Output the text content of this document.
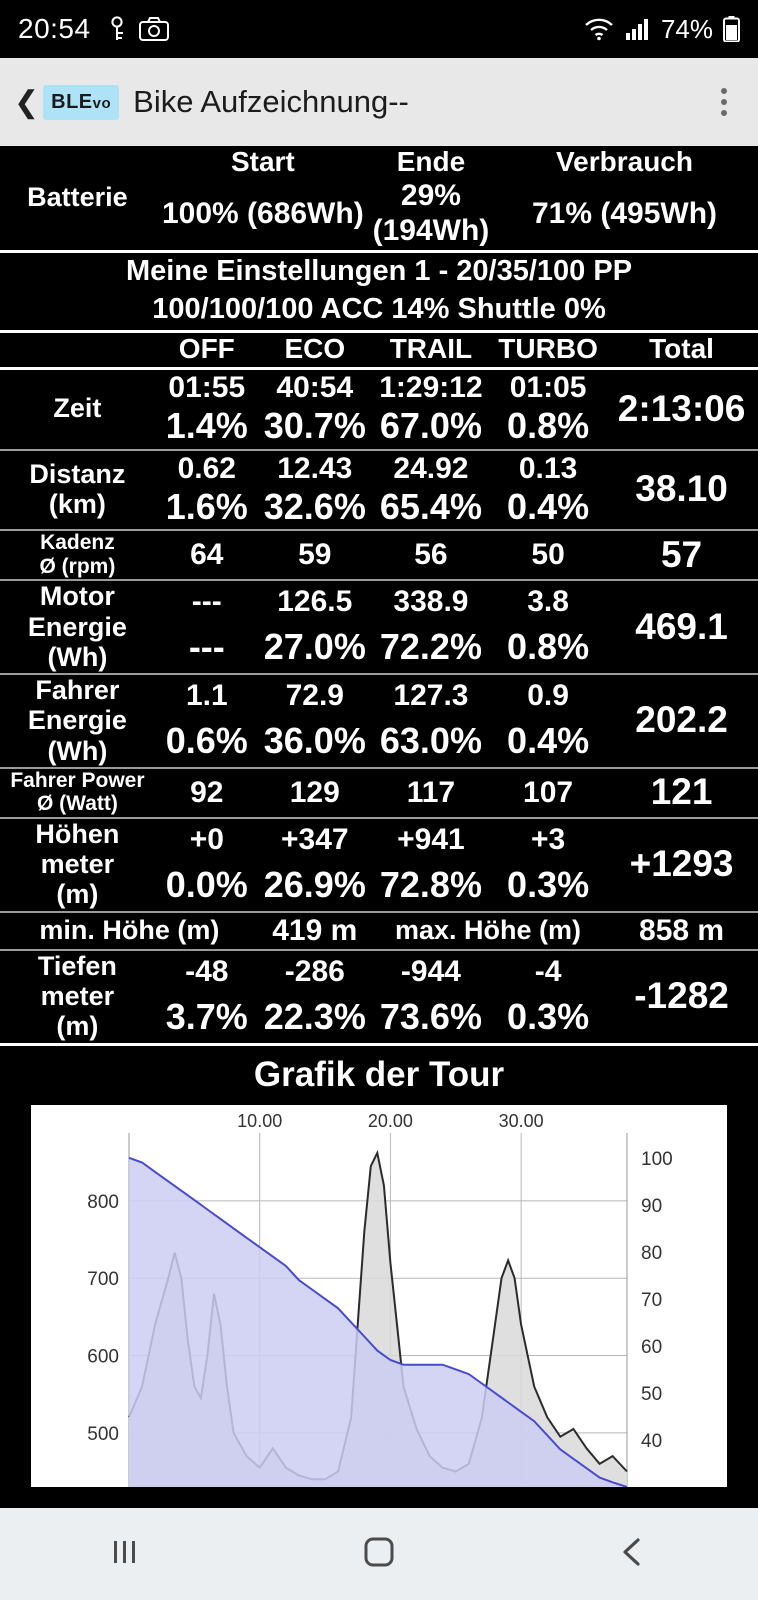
20:54	74%
❮ BLEvo Bike Aufzeichnung--
Batterie	Start		Ende	Verbrauch	
	100% (686Wh)		29% (194Wh)	71% (495Wh)	

Meine Einstellungen 1 - 20/35/100 PP					
100/100/100 ACC 14% Shuttle 0%					

	OFF	ECO	TRAIL	TURBO	Total

Zeit	01:55	40:54	1:29:12	01:05	2:13:06
	1.4%	30.7%	67.0%	0.8%	

Distanz
(km)	0.62	12.43	24.92	0.13	38.10
	1.6%	32.6%	65.4%	0.4%	

Kadenz
Ø (rpm)	64	59	56	50	57

Motor
Energie
(Wh)	---	126.5	338.9	3.8	469.1
	---	27.0%	72.2%	0.8%	

Fahrer
Energie
(Wh)	1.1	72.9	127.3	0.9	202.2
	0.6%	36.0%	63.0%	0.4%	

Fahrer Power
Ø (Watt)	92	129	117	107	121

Höhen
meter
(m)	+0	+347	+941	+3	+1293
	0.0%	26.9%	72.8%	0.3%	

min. Höhe (m)		419 m	max. Höhe (m)		858 m

Tiefen
meter
(m)	-48	-286	-944	-4	-1282
	3.7%	22.3%	73.6%	0.3%	

Grafik der Tour
500
600
700
800
40
50
60
70
80
90
100
10.00	20.00	30.00
